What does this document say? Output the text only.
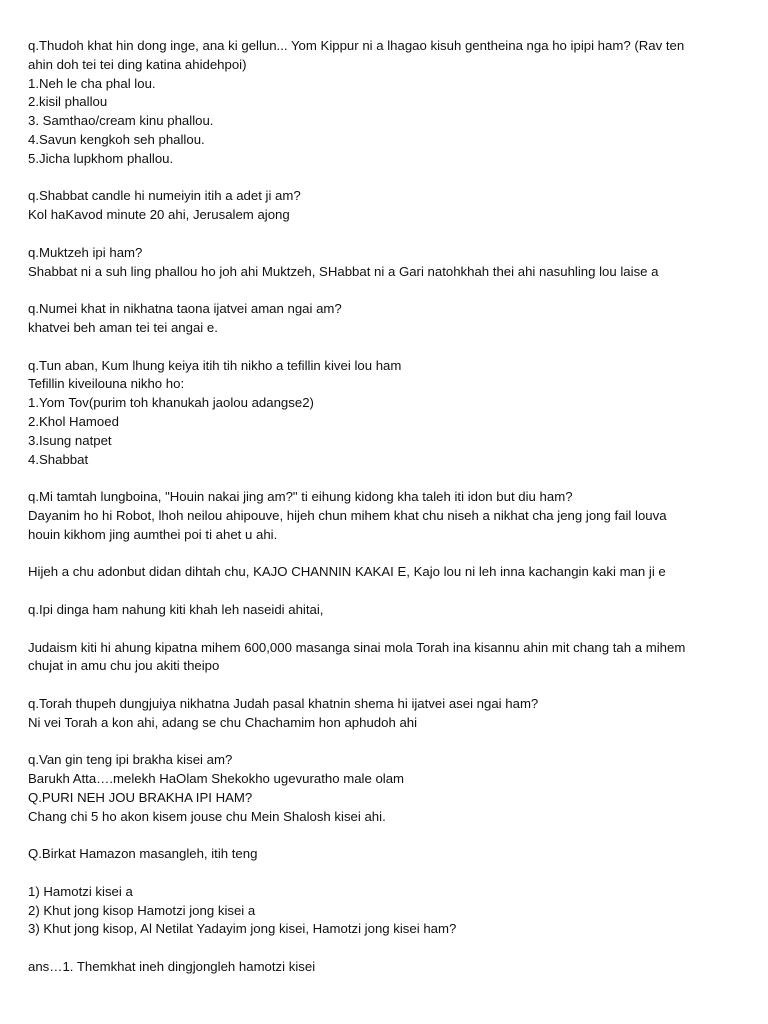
q.Thudoh khat hin dong inge, ana ki gellun... Yom Kippur ni a lhagao kisuh gentheina nga ho ipipi ham? (Rav ten

ahin doh tei tei ding katina ahidehpoi)

1.Neh le cha phal lou.

2.kisil phallou

3. Samthao/cream kinu phallou.

4.Savun kengkoh seh phallou.

5.Jicha lupkhom phallou.

q.Shabbat candle hi numeiyin itih a adet ji am?

Kol haKavod minute 20 ahi, Jerusalem ajong

q.Muktzeh ipi ham?

Shabbat ni a suh ling phallou ho joh ahi Muktzeh, SHabbat ni a Gari natohkhah thei ahi nasuhling lou laise a

q.Numei khat in nikhatna taona ijatvei aman ngai am?

khatvei beh aman tei tei angai e.

q.Tun aban, Kum lhung keiya itih tih nikho a tefillin kivei lou ham

Tefillin kiveilouna nikho ho:

1.Yom Tov(purim toh khanukah jaolou adangse2)

2.Khol Hamoed

3.Isung natpet

4.Shabbat

q.Mi tamtah lungboina, "Houin nakai jing am?" ti eihung kidong kha taleh iti idon but diu ham?

Dayanim ho hi Robot, lhoh neilou ahipouve, hijeh chun mihem khat chu niseh a nikhat cha jeng jong fail louva

houin kikhom jing aumthei poi ti ahet u ahi.

Hijeh a chu adonbut didan dihtah chu, KAJO CHANNIN KAKAI E, Kajo lou ni leh inna kachangin kaki man ji e

q.Ipi dinga ham nahung kiti khah leh naseidi ahitai,

Judaism kiti hi ahung kipatna mihem 600,000 masanga sinai mola Torah ina kisannu ahin mit chang tah a mihem

chujat in amu chu jou akiti theipo

q.Torah thupeh dungjuiya nikhatna Judah pasal khatnin shema hi ijatvei asei ngai ham?

Ni vei Torah a kon ahi, adang se chu Chachamim hon aphudoh ahi

q.Van gin teng ipi brakha kisei am?

Barukh Atta….melekh HaOlam Shekokho ugevuratho male olam

Q.PURI NEH JOU BRAKHA IPI HAM?

Chang chi 5 ho akon kisem jouse chu Mein Shalosh kisei ahi.

Q.Birkat Hamazon masangleh, itih teng

1) Hamotzi kisei a

2) Khut jong kisop Hamotzi jong kisei a

3) Khut jong kisop, Al Netilat Yadayim jong kisei, Hamotzi jong kisei ham?

ans…1. Themkhat ineh dingjongleh hamotzi kisei
